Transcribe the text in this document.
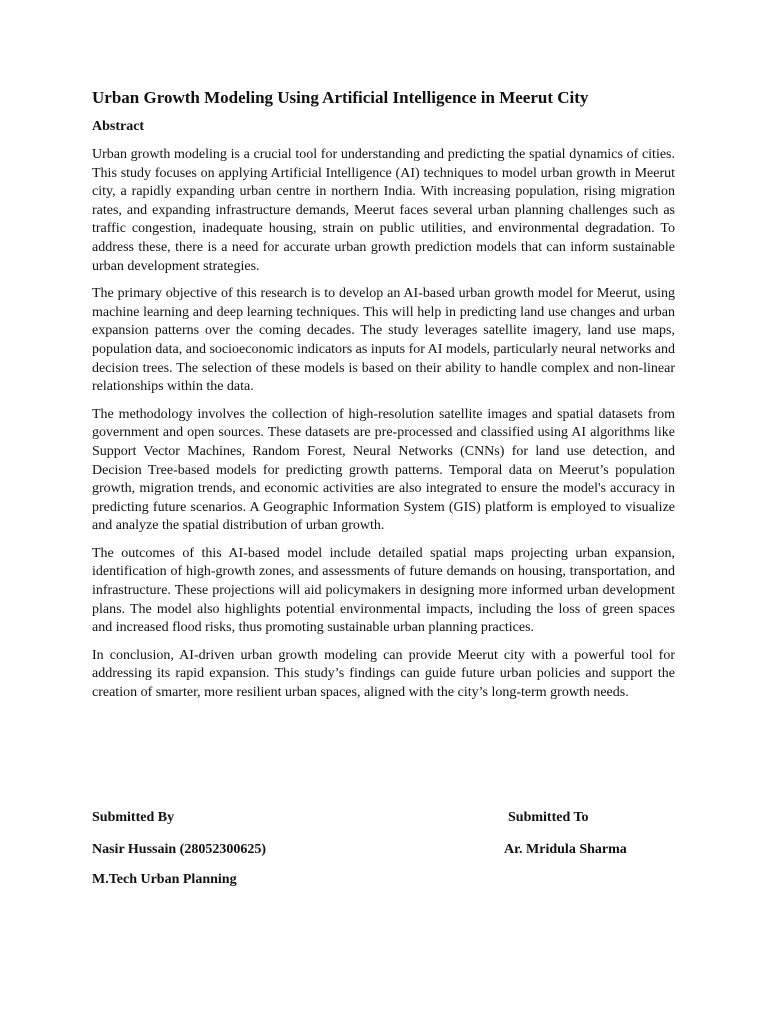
Urban Growth Modeling Using Artificial Intelligence in Meerut City
Abstract

Urban growth modeling is a crucial tool for understanding and predicting the spatial dynamics of cities. This study focuses on applying Artificial Intelligence (AI) techniques to model urban growth in Meerut city, a rapidly expanding urban centre in northern India. With increasing population, rising migration rates, and expanding infrastructure demands, Meerut faces several urban planning challenges such as traffic congestion, inadequate housing, strain on public utilities, and environmental degradation. To address these, there is a need for accurate urban growth prediction models that can inform sustainable urban development strategies.

The primary objective of this research is to develop an AI-based urban growth model for Meerut, using machine learning and deep learning techniques. This will help in predicting land use changes and urban expansion patterns over the coming decades. The study leverages satellite imagery, land use maps, population data, and socioeconomic indicators as inputs for AI models, particularly neural networks and decision trees. The selection of these models is based on their ability to handle complex and non-linear relationships within the data.

The methodology involves the collection of high-resolution satellite images and spatial datasets from government and open sources. These datasets are pre-processed and classified using AI algorithms like Support Vector Machines, Random Forest, Neural Networks (CNNs) for land use detection, and Decision Tree-based models for predicting growth patterns. Temporal data on Meerut’s population growth, migration trends, and economic activities are also integrated to ensure the model's accuracy in predicting future scenarios. A Geographic Information System (GIS) platform is employed to visualize and analyze the spatial distribution of urban growth.

The outcomes of this AI-based model include detailed spatial maps projecting urban expansion, identification of high-growth zones, and assessments of future demands on housing, transportation, and infrastructure. These projections will aid policymakers in designing more informed urban development plans. The model also highlights potential environmental impacts, including the loss of green spaces and increased flood risks, thus promoting sustainable urban planning practices.

In conclusion, AI-driven urban growth modeling can provide Meerut city with a powerful tool for addressing its rapid expansion. This study’s findings can guide future urban policies and support the creation of smarter, more resilient urban spaces, aligned with the city’s long-term growth needs.

Submitted By	Submitted To

Nasir Hussain (28052300625)	Ar. Mridula Sharma

M.Tech Urban Planning
